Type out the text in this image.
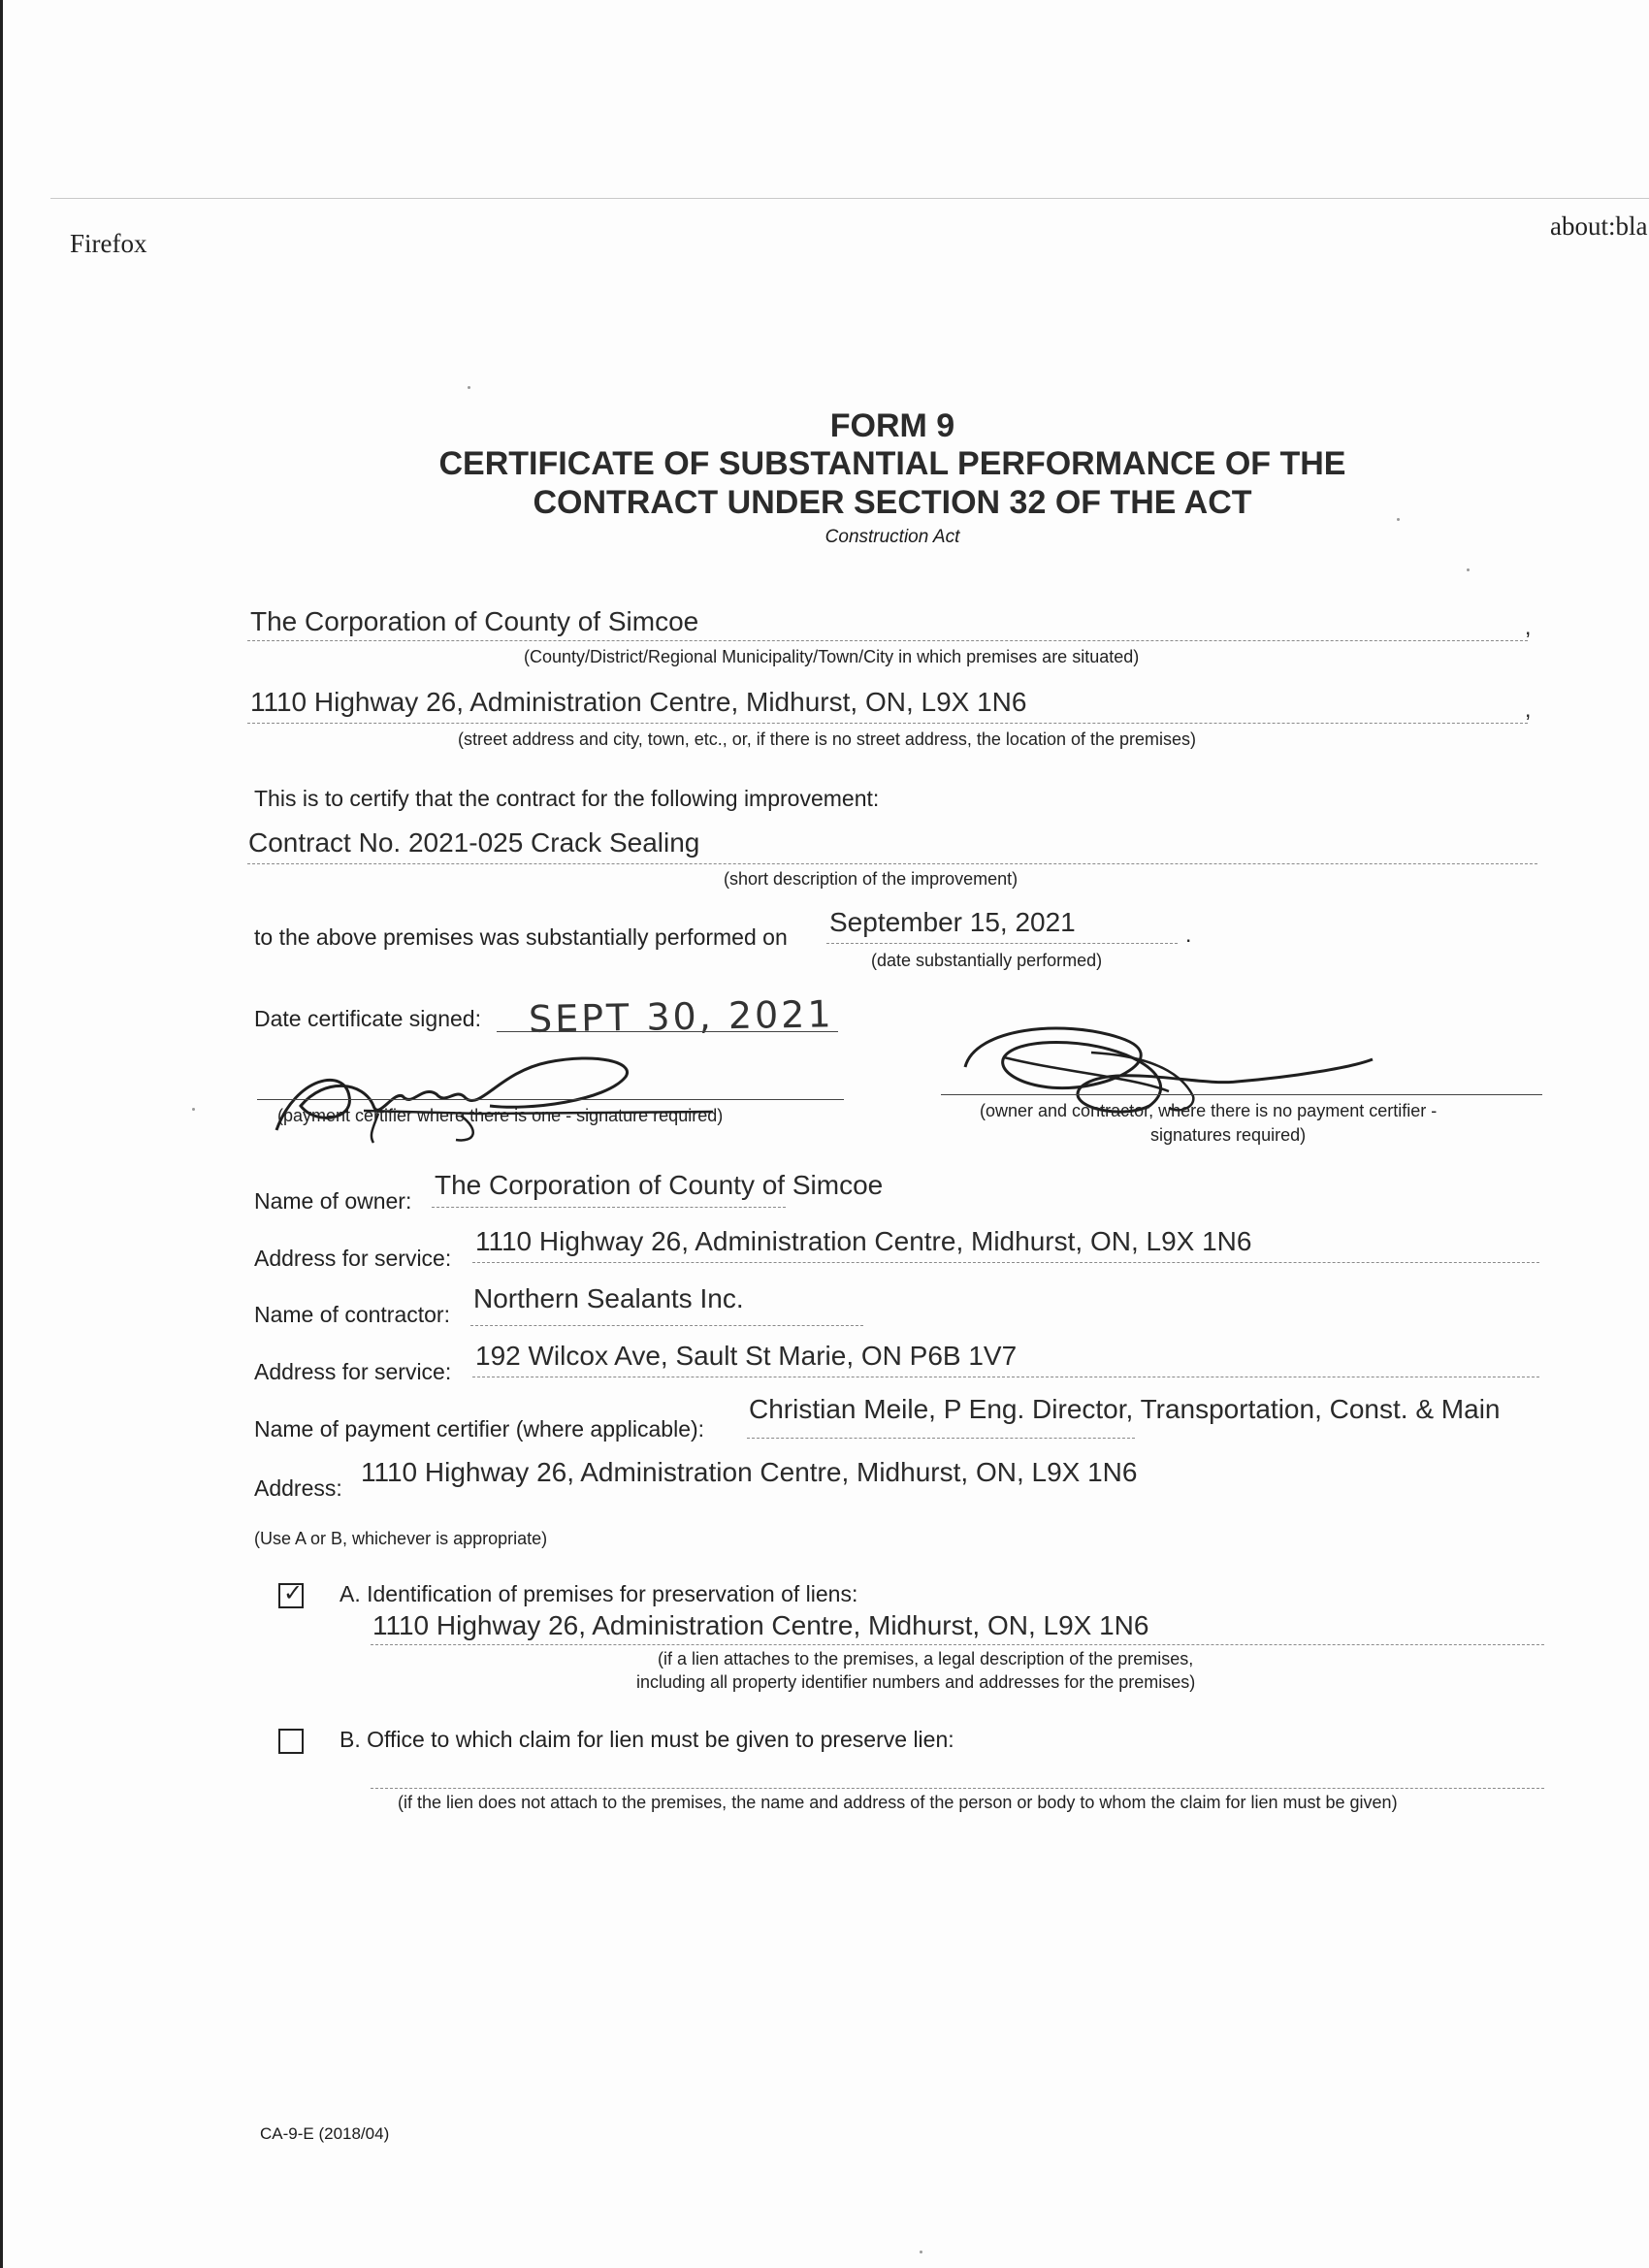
Firefox
about:bla
FORM 9
CERTIFICATE OF SUBSTANTIAL PERFORMANCE OF THE
CONTRACT UNDER SECTION 32 OF THE ACT
Construction Act
The Corporation of County of Simcoe	,
(County/District/Regional Municipality/Town/City in which premises are situated)
1110 Highway 26, Administration Centre, Midhurst, ON, L9X 1N6	,
(street address and city, town, etc., or, if there is no street address, the location of the premises)
This is to certify that the contract for the following improvement:
Contract No. 2021-025 Crack Sealing
(short description of the improvement)
to the above premises was substantially performed on September 15, 2021	.
(date substantially performed)
Date certificate signed: SEPT 30, 2021
(payment certifier where there is one - signature required)	(owner and contractor, where there is no payment certifier -
signatures required)
Name of owner:
The Corporation of County of Simcoe
Address for service:
1110 Highway 26, Administration Centre, Midhurst, ON, L9X 1N6
Name of contractor:
Northern Sealants Inc.
Address for service:
192 Wilcox Ave, Sault St Marie, ON P6B 1V7
Name of payment certifier (where applicable):
Christian Meile, P Eng. Director, Transportation, Const. & Main
Address:
1110 Highway 26, Administration Centre, Midhurst, ON, L9X 1N6
(Use A or B, whichever is appropriate)
✓ A. Identification of premises for preservation of liens:
1110 Highway 26, Administration Centre, Midhurst, ON, L9X 1N6
(if a lien attaches to the premises, a legal description of the premises,
including all property identifier numbers and addresses for the premises)
B. Office to which claim for lien must be given to preserve lien:
(if the lien does not attach to the premises, the name and address of the person or body to whom the claim for lien must be given)
CA-9-E (2018/04)
